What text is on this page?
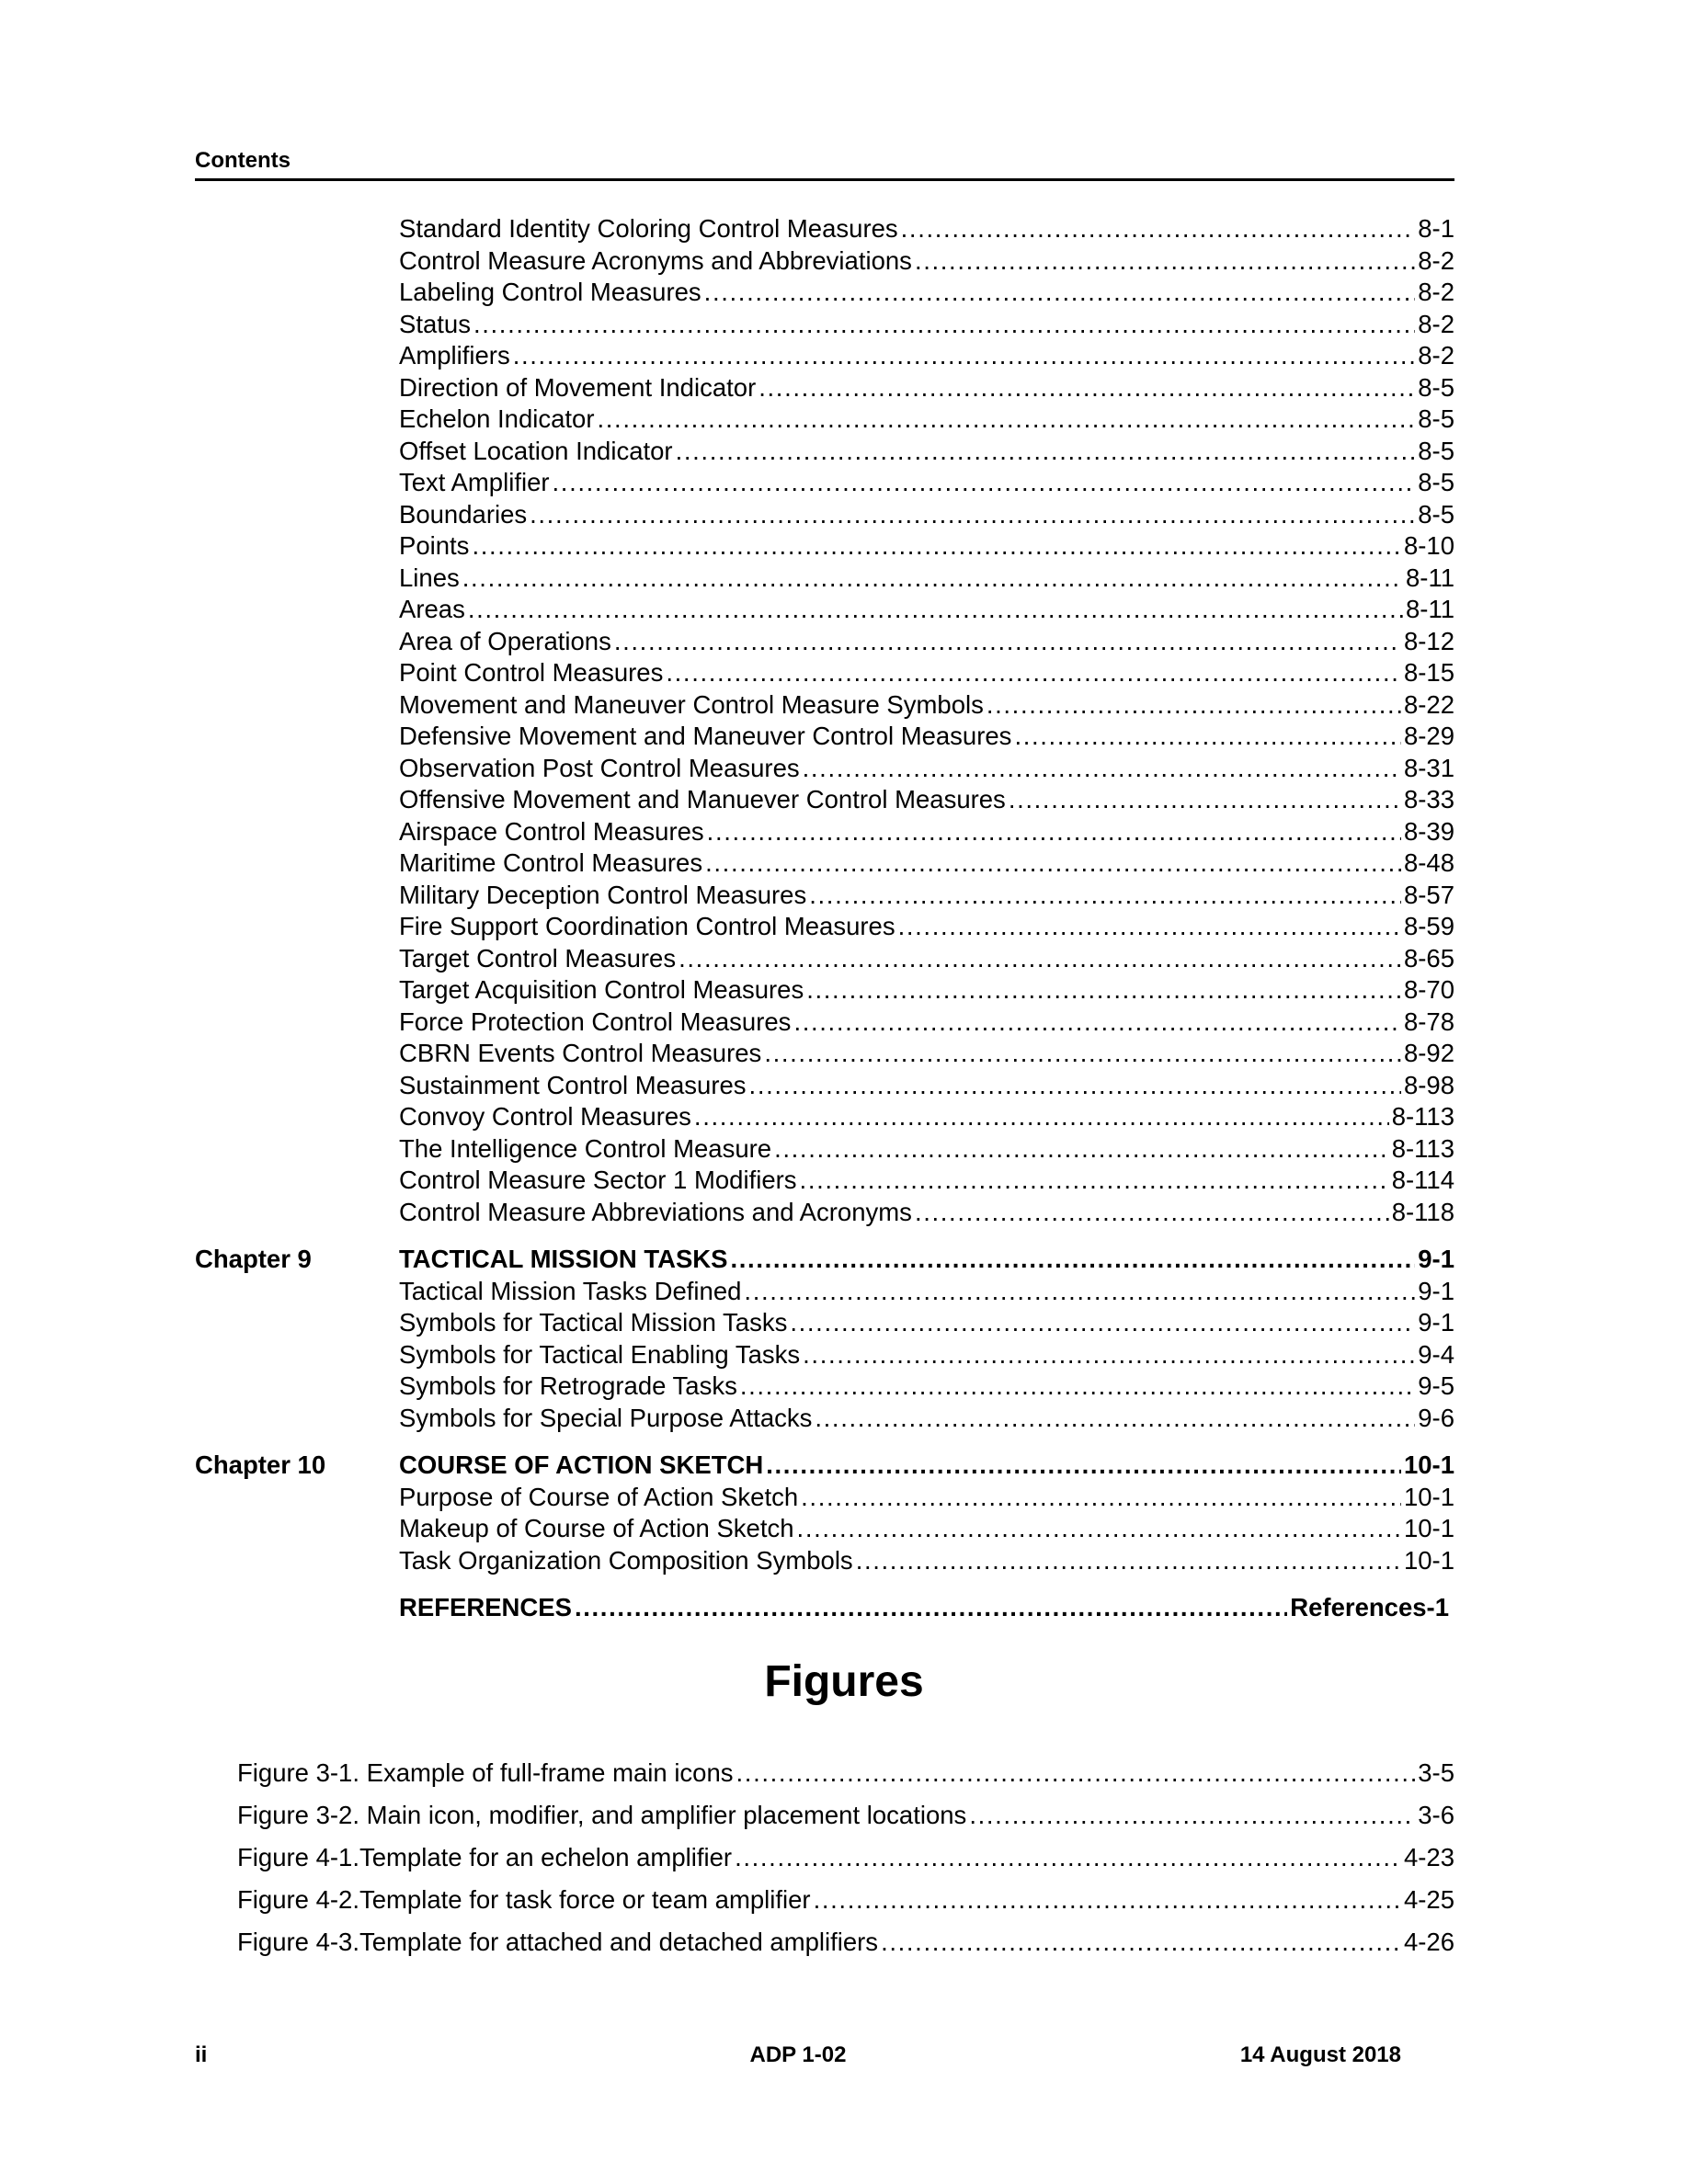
Contents
Standard Identity Coloring Control Measures . . .	8-1
Control Measure Acronyms and Abbreviations . . .	8-2
Labeling Control Measures . . .	8-2
Status . . .	8-2
Amplifiers . . .	8-2
Direction of Movement Indicator . . .	8-5
Echelon Indicator . . .	8-5
Offset Location Indicator . . .	8-5
Text Amplifier . . .	8-5
Boundaries . . .	8-5
Points . . .	8-10
Lines . . .	8-11
Areas . . .	8-11
Area of Operations . . .	8-12
Point Control Measures . . .	8-15
Movement and Maneuver Control Measure Symbols . . .	8-22
Defensive Movement and Maneuver Control Measures . . .	8-29
Observation Post Control Measures . . .	8-31
Offensive Movement and Manuever Control Measures . . .	8-33
Airspace Control Measures . . .	8-39
Maritime Control Measures . . .	8-48
Military Deception Control Measures . . .	8-57
Fire Support Coordination Control Measures . . .	8-59
Target Control Measures . . .	8-65
Target Acquisition Control Measures . . .	8-70
Force Protection Control Measures . . .	8-78
CBRN Events Control Measures . . .	8-92
Sustainment Control Measures . . .	8-98
Convoy Control Measures . . .	8-113
The Intelligence Control Measure . . .	8-113
Control Measure Sector 1 Modifiers . . .	8-114
Control Measure Abbreviations and Acronyms . . .	8-118
Chapter 9	TACTICAL MISSION TASKS . . .	9-1
Tactical Mission Tasks Defined . . .	9-1
Symbols for Tactical Mission Tasks . . .	9-1
Symbols for Tactical Enabling Tasks . . .	9-4
Symbols for Retrograde Tasks . . .	9-5
Symbols for Special Purpose Attacks . . .	9-6
Chapter 10	COURSE OF ACTION SKETCH . . .	10-1
Purpose of Course of Action Sketch . . .	10-1
Makeup of Course of Action Sketch . . .	10-1
Task Organization Composition Symbols . . .	10-1
REFERENCES . . .	References-1
Figures
Figure 3-1. Example of full-frame main icons . . .	3-5
Figure 3-2. Main icon, modifier, and amplifier placement locations . . .	3-6
Figure 4-1.Template for an echelon amplifier . . .	4-23
Figure 4-2.Template for task force or team amplifier . . .	4-25
Figure 4-3.Template for attached and detached amplifiers . . .	4-26
ii	ADP 1-02	14 August 2018
